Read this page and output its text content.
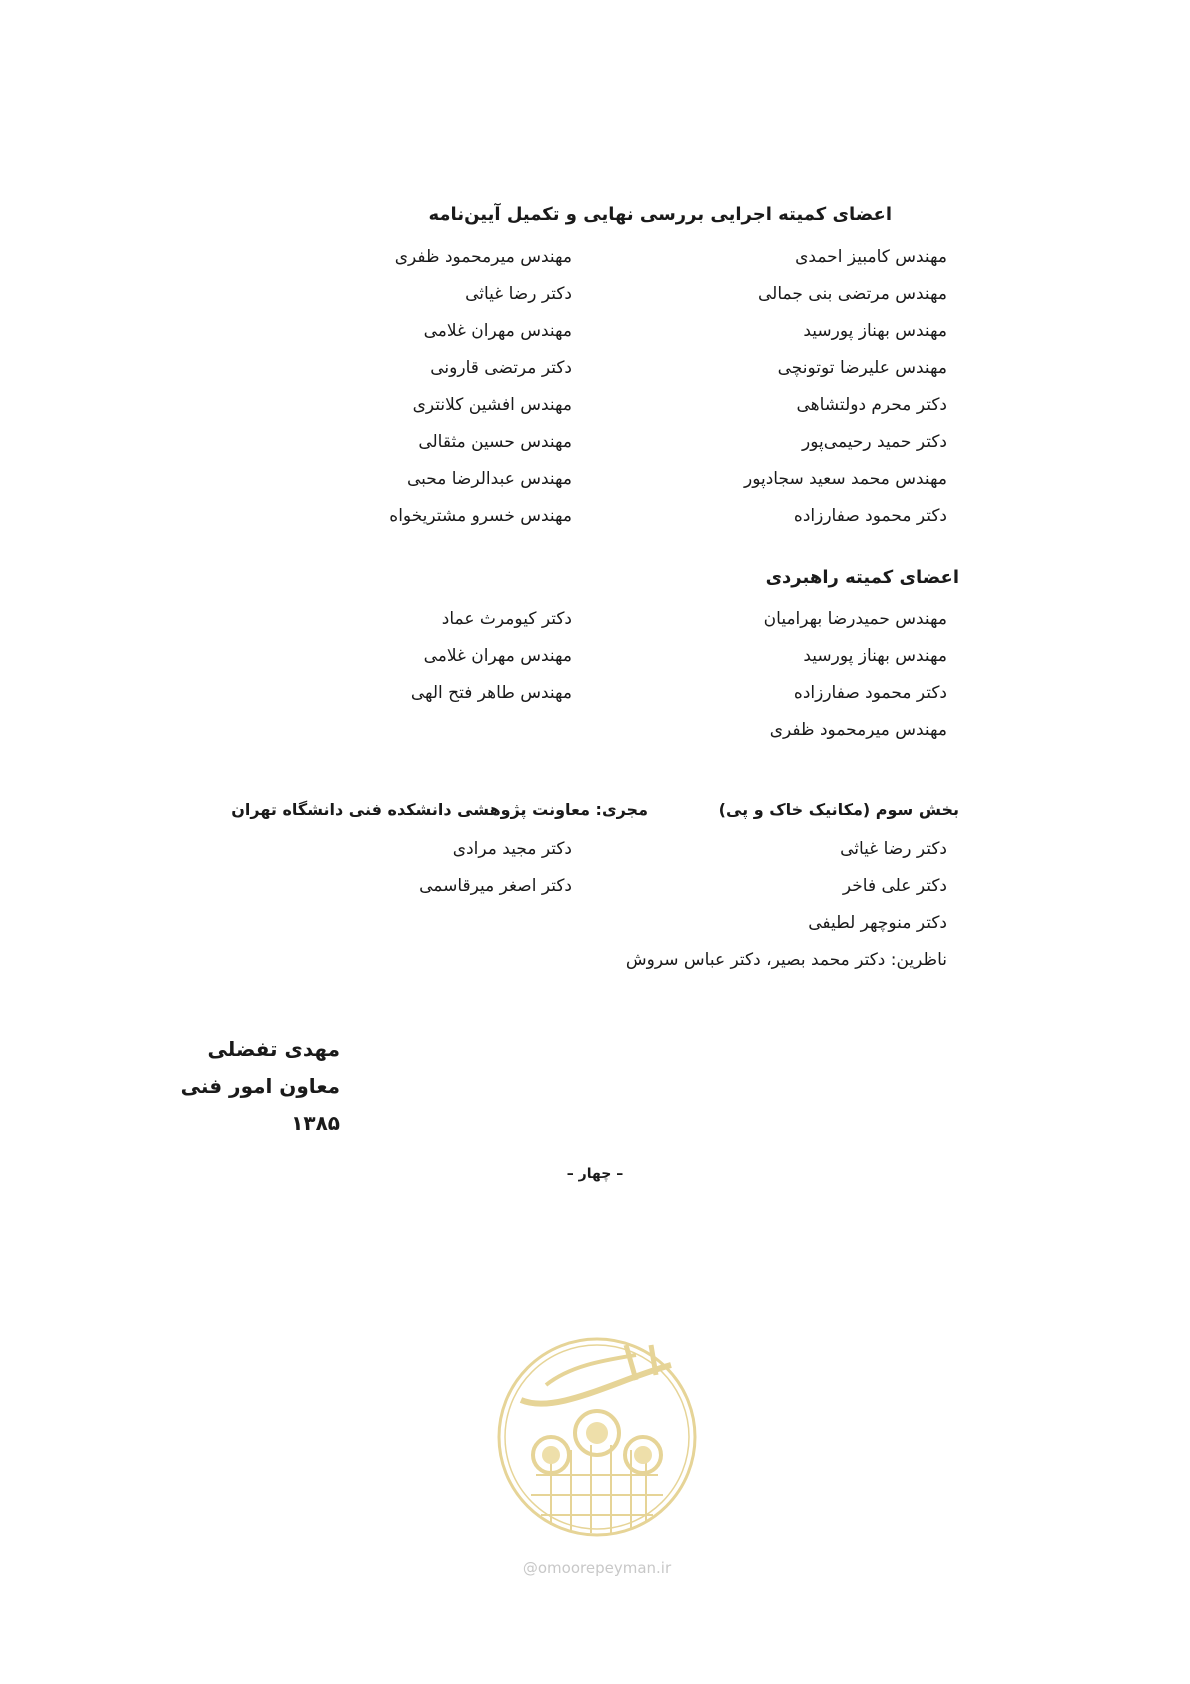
اعضای کمیته اجرایی بررسی نهایی و تکمیل آیین‌نامه
مهندس کامبیز احمدی
مهندس مرتضی بنی جمالی
مهندس بهناز پورسید
مهندس علیرضا توتونچی
دکتر محرم دولتشاهی
دکتر حمید رحیمی‌پور
مهندس محمد سعید سجادپور
دکتر محمود صفارزاده
مهندس میرمحمود ظفری
دکتر رضا غیاثی
مهندس مهران غلامی
دکتر مرتضی قارونی
مهندس افشین کلانتری
مهندس حسین مثقالی
مهندس عبدالرضا محبی
مهندس خسرو مشتریخواه
اعضای کمیته راهبردی
مهندس حمیدرضا بهرامیان
مهندس بهناز پورسید
دکتر محمود صفارزاده
مهندس میرمحمود ظفری
دکتر کیومرث عماد
مهندس مهران غلامی
مهندس طاهر فتح الهی
بخش سوم (مکانیک خاک و پی)
مجری: معاونت پژوهشی دانشکده فنی دانشگاه تهران
دکتر رضا غیاثی
دکتر علی فاخر
دکتر منوچهر لطیفی
دکتر مجید مرادی
دکتر اصغر میرقاسمی
ناظرین: دکتر محمد بصیر، دکتر عباس سروش
مهدی تفضلی
معاون امور فنی
۱۳۸۵
– چهار –
@omoorepeyman.ir
